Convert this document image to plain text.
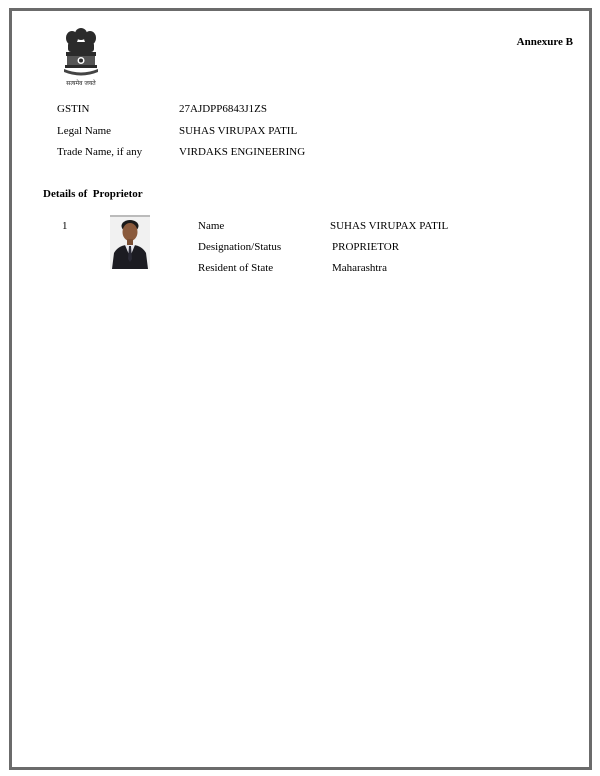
सत्यमेव जयते
Annexure B
GSTIN	27AJDPP6843J1ZS
Legal Name	SUHAS VIRUPAX PATIL
Trade Name, if any	VIRDAKS ENGINEERING
Details of  Proprietor
1	Name	SUHAS VIRUPAX PATIL
Designation/Status	PROPRIETOR
Resident of State	Maharashtra
